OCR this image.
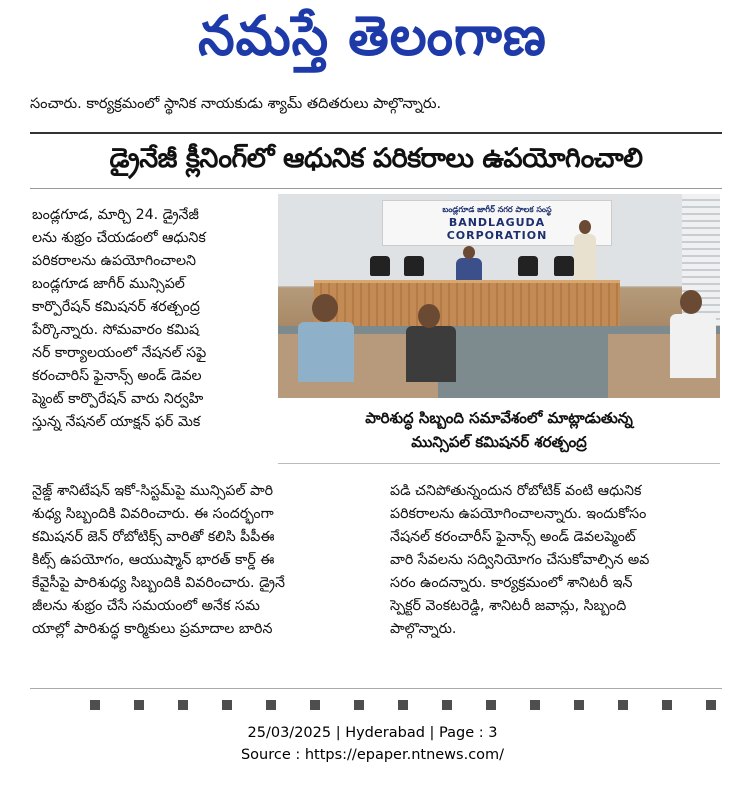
నమస్తే తెలంగాణ
సంచారు. కార్యక్రమంలో స్థానిక నాయకుడు శ్యామ్ తదితరులు పాల్గొన్నారు.
డ్రైనేజీ క్లీనింగ్‌లో ఆధునిక పరికరాలు ఉపయోగించాలి

బండ్లగూడ, మార్చి 24. డ్రైనేజీ

లను శుభ్రం చేయడంలో ఆధునిక

పరికరాలను ఉపయోగించాలని

బండ్లగూడ జాగీర్ మున్సిపల్

కార్పొరేషన్ కమిషనర్ శరత్చంద్ర

పేర్కొన్నారు. సోమవారం కమిష

నర్ కార్యాలయంలో నేషనల్ సఫై

కరంచారిస్ ఫైనాన్స్ అండ్ డెవల

ప్మెంట్ కార్పొరేషన్ వారు నిర్వహి

స్తున్న నేషనల్ యాక్షన్ ఫర్ మెక

బండ్లగూడ జాగీర్ నగర పాలక సంస్థ
BANDLAGUDA
CORPORATION

పారిశుద్ధ సిబ్బంది సమావేశంలో మాట్లాడుతున్న

మున్సిపల్ కమిషనర్ శరత్చంద్ర

నైజ్డ్ శానిటేషన్ ఇకో-సిస్టమ్‌పై మున్సిపల్ పారి

శుధ్య సిబ్బందికి వివరించారు. ఈ సందర్భంగా

కమిషనర్ జెన్ రోబోటిక్స్ వారితో కలిసి పీపీఈ

కిట్స్ ఉపయోగం, ఆయుష్మాన్ భారత్ కార్డ్ ఈ

కేవైసీపై పారిశుధ్య సిబ్బందికి వివరించారు. డ్రైనే

జీలను శుభ్రం చేసే సమయంలో అనేక సమ

యాల్లో పారిశుద్ధ కార్మికులు ప్రమాదాల బారిన

పడి చనిపోతున్నందున రోబోటిక్ వంటి ఆధునిక

పరికరాలను ఉపయోగించాలన్నారు. ఇందుకోసం

నేషనల్ కరంచారీస్ ఫైనాన్స్ అండ్ డెవలప్మెంట్

వారి సేవలను సద్వినియోగం చేసుకోవాల్సిన అవ

సరం ఉందన్నారు. కార్యక్రమంలో శానిటరీ ఇన్

స్పెక్టర్ వెంకటరెడ్డి, శానిటరీ జవాన్లు, సిబ్బంది

పాల్గొన్నారు.

25/03/2025 | Hyderabad | Page : 3
Source : https://epaper.ntnews.com/
